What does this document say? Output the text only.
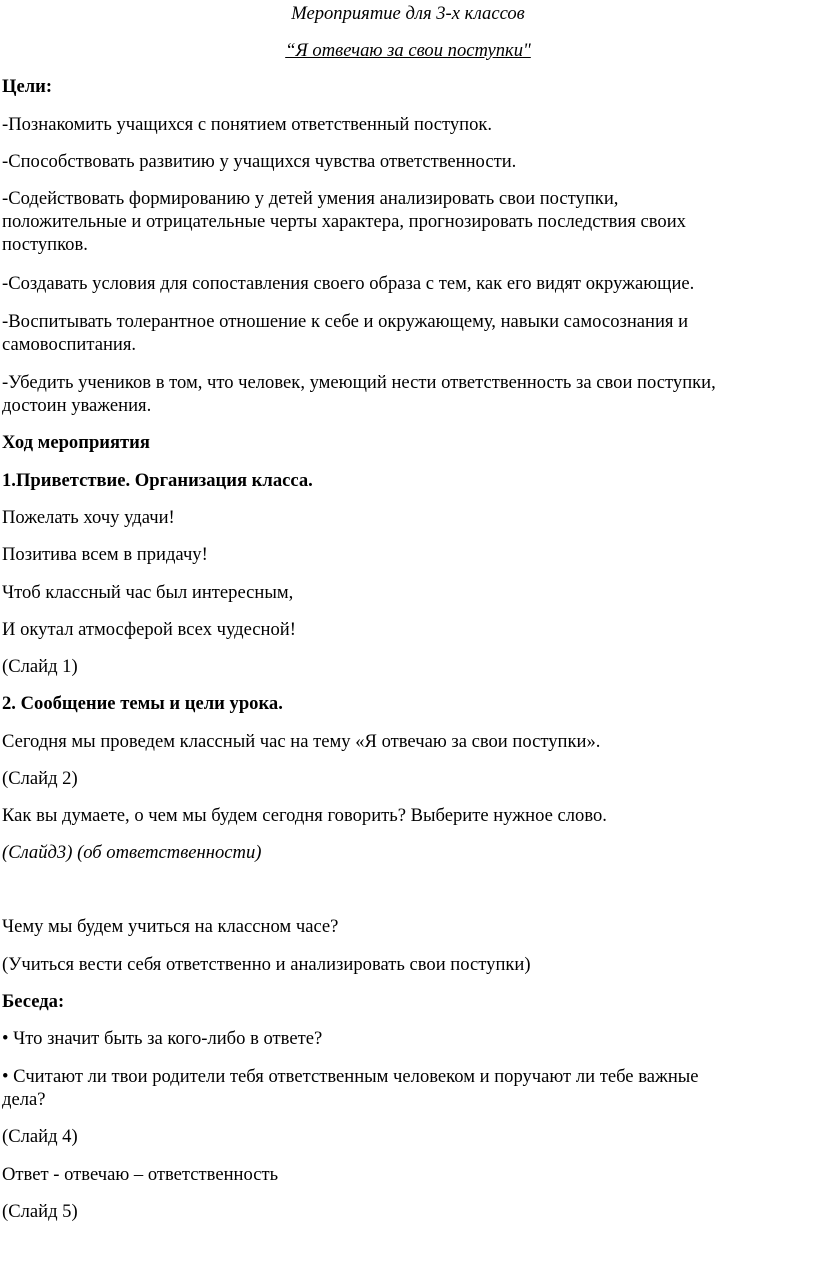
Мероприятие для 3-х классов
“Я отвечаю за свои поступки"
Цели:
-Познакомить учащихся с понятием ответственный поступок.
-Способствовать развитию у учащихся чувства ответственности.
-Содействовать формированию у детей умения анализировать свои поступки,
положительные и отрицательные черты характера, прогнозировать последствия своих
поступков.
-Создавать условия для сопоставления своего образа с тем, как его видят окружающие.
-Воспитывать толерантное отношение к себе и окружающему, навыки самосознания и
самовоспитания.
-Убедить учеников в том, что человек, умеющий нести ответственность за свои поступки,
достоин уважения.
Ход мероприятия
1.Приветствие. Организация класса.
Пожелать хочу удачи!
Позитива всем в придачу!
Чтоб классный час был интересным,
И окутал атмосферой всех чудесной!
(Слайд 1)
2. Сообщение темы и цели урока.
Сегодня мы проведем классный час на тему «Я отвечаю за свои поступки».
(Слайд 2)
Как вы думаете, о чем мы будем сегодня говорить? Выберите нужное слово.
(Слайд3) (об ответственности)
Чему мы будем учиться на классном часе?
(Учиться вести себя ответственно и анализировать свои поступки)
Беседа:
• Что значит быть за кого-либо в ответе?
• Считают ли твои родители тебя ответственным человеком и поручают ли тебе важные
дела?
(Слайд 4)
Ответ - отвечаю – ответственность
(Слайд 5)
